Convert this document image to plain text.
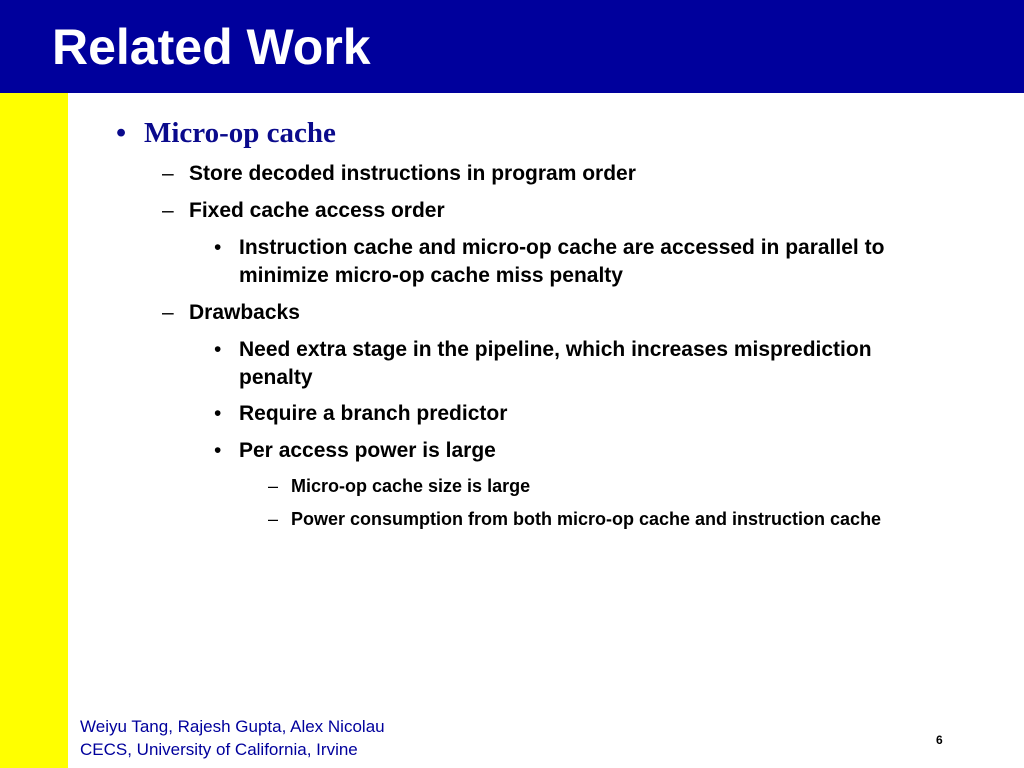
Related Work
• Micro-op cache
– Store decoded instructions in program order
– Fixed cache access order
• Instruction cache and micro-op cache are accessed in parallel to minimize micro-op cache miss penalty
– Drawbacks
• Need extra stage in the pipeline, which increases misprediction penalty
• Require a branch predictor
• Per access power is large
– Micro-op cache size is large
– Power consumption from both micro-op cache and instruction cache
Weiyu Tang, Rajesh Gupta, Alex Nicolau
CECS, University of California, Irvine	6
